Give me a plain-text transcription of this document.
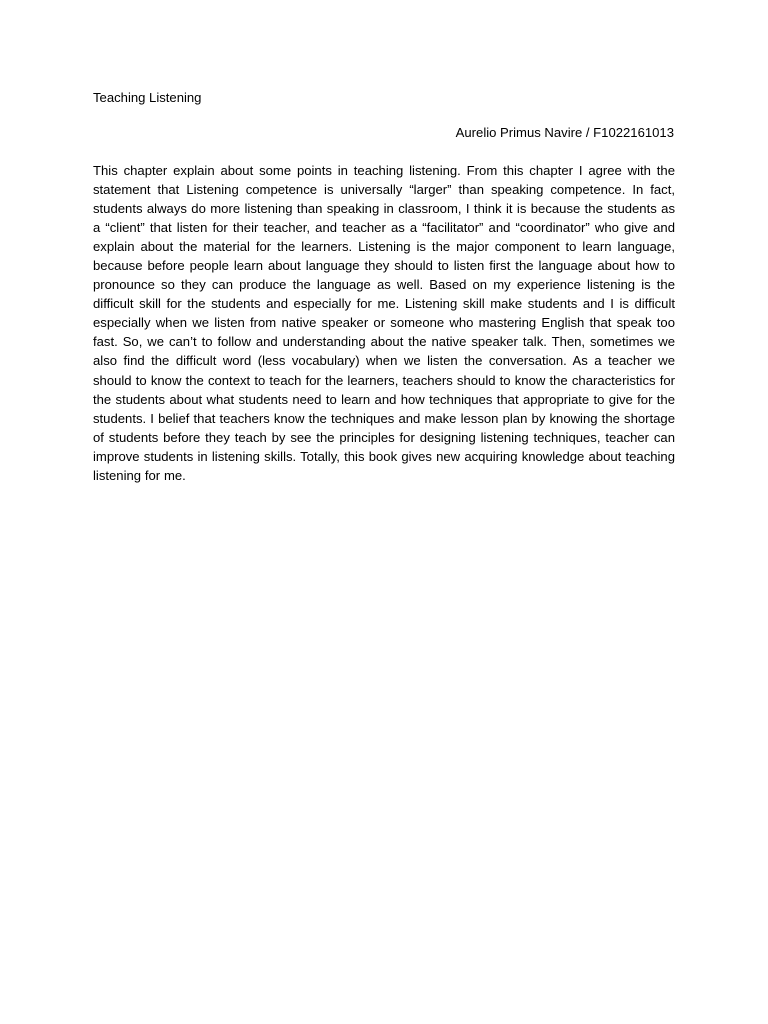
Teaching Listening

Aurelio Primus Navire / F1022161013

This chapter explain about some points in teaching listening. From this chapter I agree with the statement that Listening competence is universally “larger” than speaking competence. In fact, students always do more listening than speaking in classroom, I think it is because the students as a “client” that listen for their teacher, and teacher as a “facilitator” and “coordinator” who give and explain about the material for the learners. Listening is the major component to learn language, because before people learn about language they should to listen first the language about how to pronounce so they can produce the language as well. Based on my experience listening is the difficult skill for the students and especially for me. Listening skill make students and I is difficult especially when we listen from native speaker or someone who mastering English that speak too fast. So, we can’t to follow and understanding about the native speaker talk. Then, sometimes we also find the difficult word (less vocabulary) when we listen the conversation. As a teacher we should to know the context to teach for the learners, teachers should to know the characteristics for the students about what students need to learn and how techniques that appropriate to give for the students. I belief that teachers know the techniques and make lesson plan by knowing the shortage of students before they teach by see the principles for designing listening techniques, teacher can improve students in listening skills. Totally, this book gives new acquiring knowledge about teaching listening for me.
